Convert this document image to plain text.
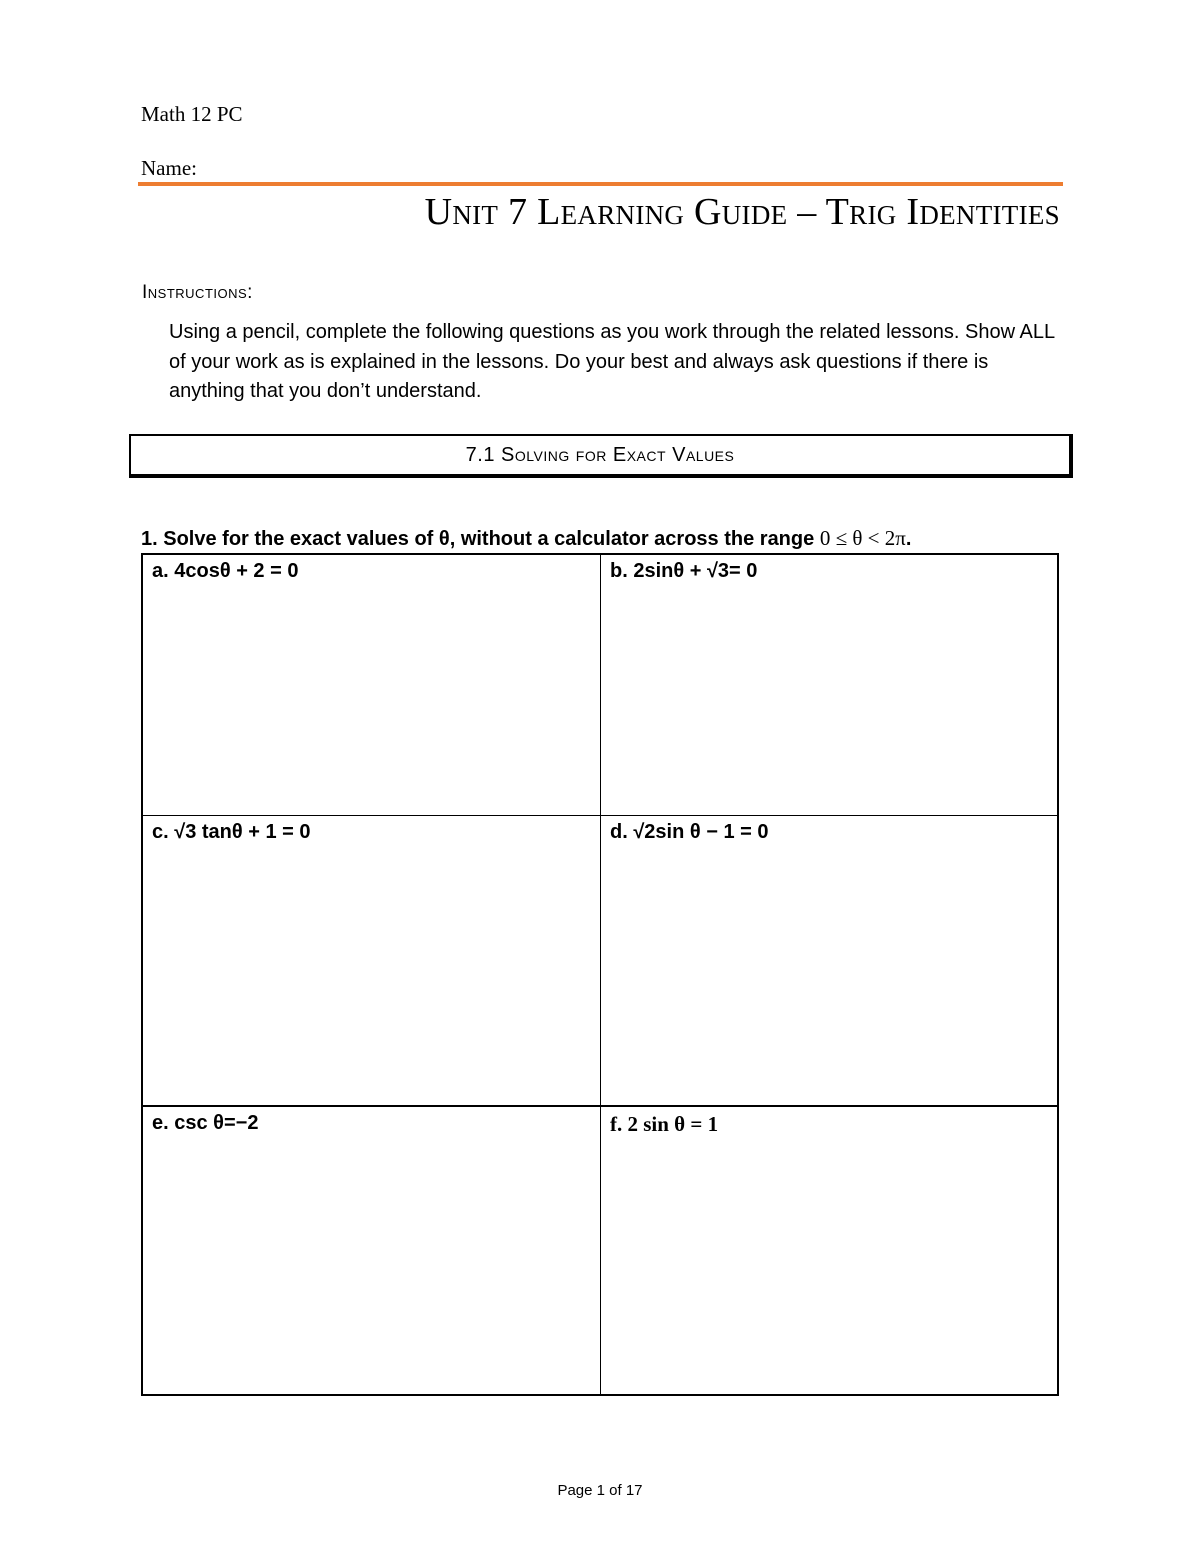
Math 12 PC
Name:
Unit 7 Learning Guide – Trig Identities
Instructions:
Using a pencil, complete the following questions as you work through the related lessons. Show ALL of your work as is explained in the lessons. Do your best and always ask questions if there is anything that you don’t understand.
7.1 Solving for Exact Values
1. Solve for the exact values of θ, without a calculator across the range 0 ≤ θ < 2π.
a. 4cosθ + 2 = 0	b. 2sinθ + √3= 0
c. √3 tanθ + 1 = 0	d. √2sin θ − 1 = 0
e. csc θ=−2	f. 2 sin θ = 1
Page 1 of 17
